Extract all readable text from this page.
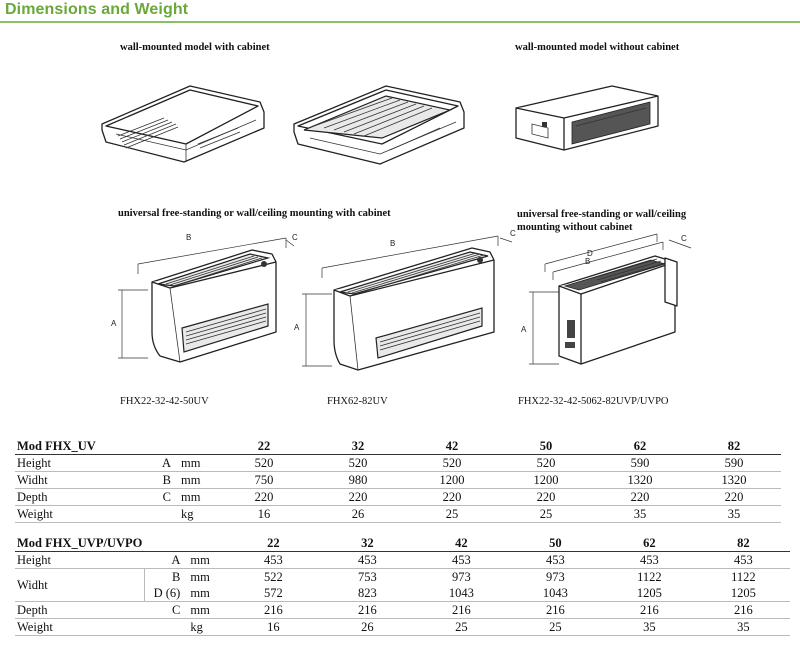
Dimensions and Weight
wall-mounted model with cabinet	wall-mounted model without cabinet
universal free-standing or wall/ceiling mounting with cabinet	universal free-standing or wall/ceiling mounting without cabinet
B	C
A
B
C
A
B
D
C
A
FHX22-32-42-50UV	FHX62-82UV	FHX22-32-42-5062-82UVP/UVPO
Mod FHX_UV			22	32	42	50	62	82
Height	A	mm	520	520	520	520	590	590
Widht	B	mm	750	980	1200	1200	1320	1320
Depth	C	mm	220	220	220	220	220	220
Weight		kg	16	26	25	25	35	35
Mod FHX_UVP/UVPO			22	32	42	50	62	82
Height	A	mm	453	453	453	453	453	453
Widht	B	mm	522	753	973	973	1122	1122
	D (6)	mm	572	823	1043	1043	1205	1205
Depth	C	mm	216	216	216	216	216	216
Weight		kg	16	26	25	25	35	35
